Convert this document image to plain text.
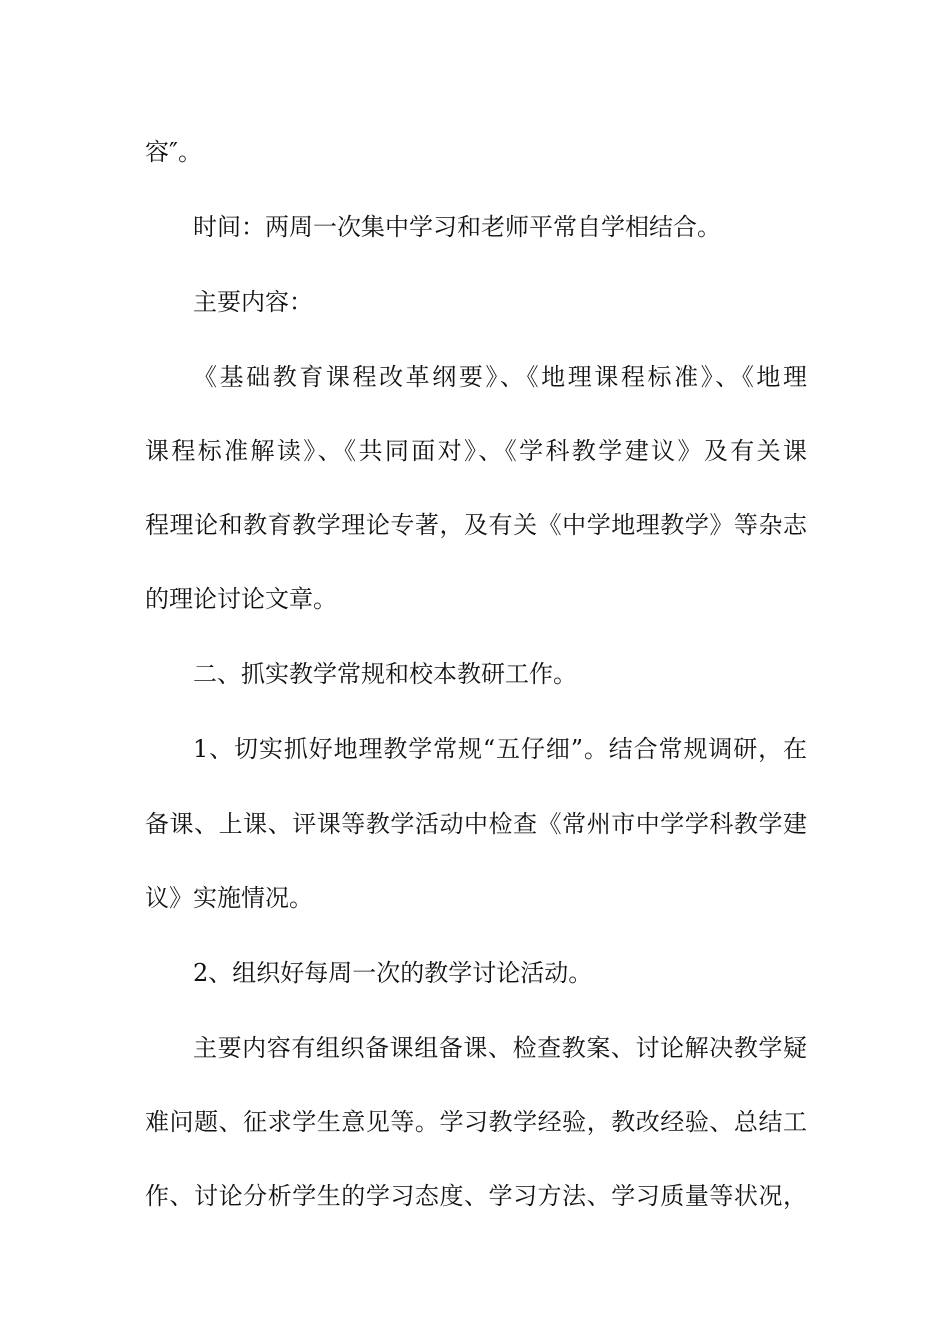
容″。
时间：两周一次集中学习和老师平常自学相结合。
主要内容：
《基础教育课程改革纲要》、《地理课程标准》、《地理
课程标准解读》、《共同面对》、《学科教学建议》及有关课
程理论和教育教学理论专著，及有关《中学地理教学》等杂志
的理论讨论文章。
二、抓实教学常规和校本教研工作。
1、切实抓好地理教学常规“五仔细”。结合常规调研，在
备课、上课、评课等教学活动中检查《常州市中学学科教学建
议》实施情况。
2、组织好每周一次的教学讨论活动。
主要内容有组织备课组备课、检查教案、讨论解决教学疑
难问题、征求学生意见等。学习教学经验，教改经验、总结工
作、讨论分析学生的学习态度、学习方法、学习质量等状况，
